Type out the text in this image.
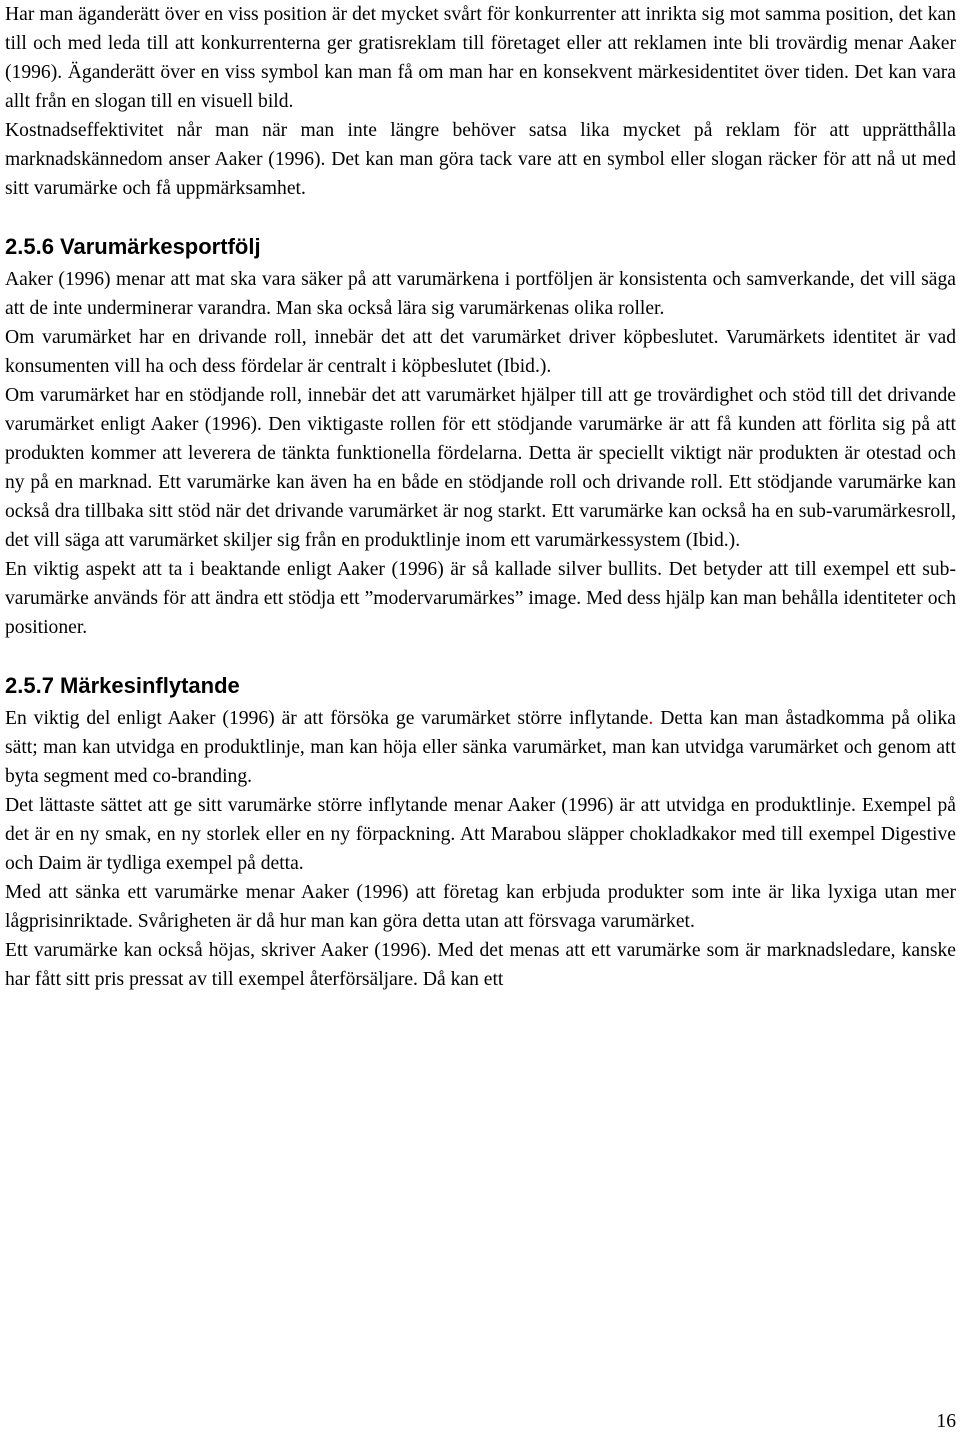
Har man äganderätt över en viss position är det mycket svårt för konkurrenter att inrikta sig mot samma position, det kan till och med leda till att konkurrenterna ger gratisreklam till företaget eller att reklamen inte bli trovärdig menar Aaker (1996). Äganderätt över en viss symbol kan man få om man har en konsekvent märkesidentitet över tiden. Det kan vara allt från en slogan till en visuell bild.

Kostnadseffektivitet når man när man inte längre behöver satsa lika mycket på reklam för att upprätthålla marknadskännedom anser Aaker (1996). Det kan man göra tack vare att en symbol eller slogan räcker för att nå ut med sitt varumärke och få uppmärksamhet.

2.5.6 Varumärkesportfölj

Aaker (1996) menar att mat ska vara säker på att varumärkena i portföljen är konsistenta och samverkande, det vill säga att de inte underminerar varandra. Man ska också lära sig varumärkenas olika roller.

Om varumärket har en drivande roll, innebär det att det varumärket driver köpbeslutet. Varumärkets identitet är vad konsumenten vill ha och dess fördelar är centralt i köpbeslutet (Ibid.).

Om varumärket har en stödjande roll, innebär det att varumärket hjälper till att ge trovärdighet och stöd till det drivande varumärket enligt Aaker (1996). Den viktigaste rollen för ett stödjande varumärke är att få kunden att förlita sig på att produkten kommer att leverera de tänkta funktionella fördelarna. Detta är speciellt viktigt när produkten är otestad och ny på en marknad. Ett varumärke kan även ha en både en stödjande roll och drivande roll. Ett stödjande varumärke kan också dra tillbaka sitt stöd när det drivande varumärket är nog starkt. Ett varumärke kan också ha en sub-varumärkesroll, det vill säga att varumärket skiljer sig från en produktlinje inom ett varumärkessystem (Ibid.).

En viktig aspekt att ta i beaktande enligt Aaker (1996) är så kallade silver bullits. Det betyder att till exempel ett sub-varumärke används för att ändra ett stödja ett ”modervarumärkes” image. Med dess hjälp kan man behålla identiteter och positioner.

2.5.7 Märkesinflytande

En viktig del enligt Aaker (1996) är att försöka ge varumärket större inflytande. Detta kan man åstadkomma på olika sätt; man kan utvidga en produktlinje, man kan höja eller sänka varumärket, man kan utvidga varumärket och genom att byta segment med co-branding.

Det lättaste sättet att ge sitt varumärke större inflytande menar Aaker (1996) är att utvidga en produktlinje. Exempel på det är en ny smak, en ny storlek eller en ny förpackning. Att Marabou släpper chokladkakor med till exempel Digestive och Daim är tydliga exempel på detta.

Med att sänka ett varumärke menar Aaker (1996) att företag kan erbjuda produkter som inte är lika lyxiga utan mer lågprisinriktade. Svårigheten är då hur man kan göra detta utan att försvaga varumärket.

Ett varumärke kan också höjas, skriver Aaker (1996). Med det menas att ett varumärke som är marknadsledare, kanske har fått sitt pris pressat av till exempel återförsäljare. Då kan ett

16
